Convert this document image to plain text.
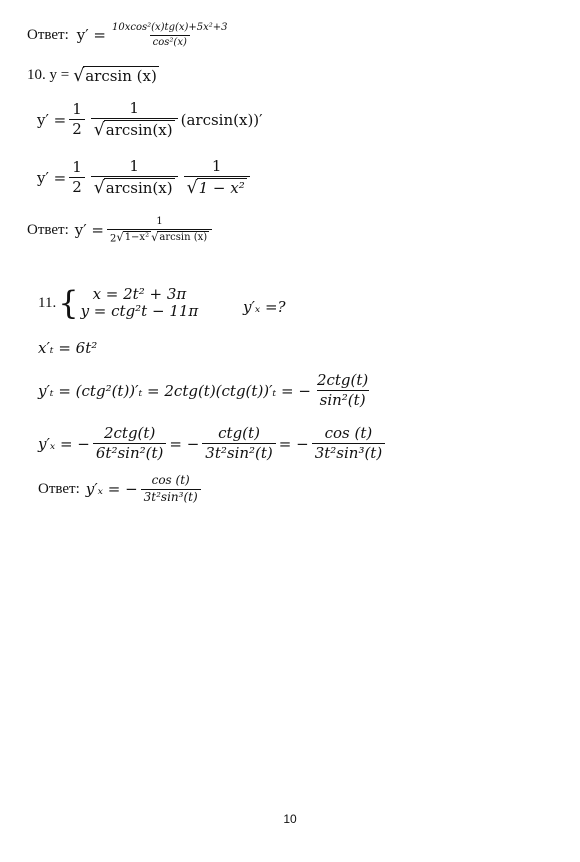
Ответ: $y' = \frac{\text{10xcos²(x)tg(x)+5x²+3}}{\text{cos²(x)}}$
10. y = √ arcsin (x)
$y' = \frac{1}{2} \frac{1}{√ \arcsin(x)} (\arcsin(x))'$
$y' = \frac{1}{2} \frac{1}{√ \arcsin(x)} \frac{1}{\text{√ 1 − x²}}$
Ответ: $y' = \frac{1}{\text{2 √ 1−x² √ arcsin (x)}}$
11. { x = 2t² + 3π
y = ctg²t − 11π	y′ₓ =?
x′ₜ = 6t²
y′ₜ = (ctg²(t))′ₜ = 2ctg(t)(ctg(t))′ₜ = − $\frac{\text{2ctg(t)}}{\text{sin²(t)}}$
y′ₓ = − $\frac{\text{2ctg(t)}}{\text{6t²sin²(t)}}$ = − $\frac{\text{ctg(t)}}{\text{3t²sin²(t)}}$ = − $\frac{\cos (t)}{\text{3t²sin³(t)}}$
Ответ: y′ₓ = − $\frac{\cos (t)}{\text{3t²sin³(t)}}$
10
